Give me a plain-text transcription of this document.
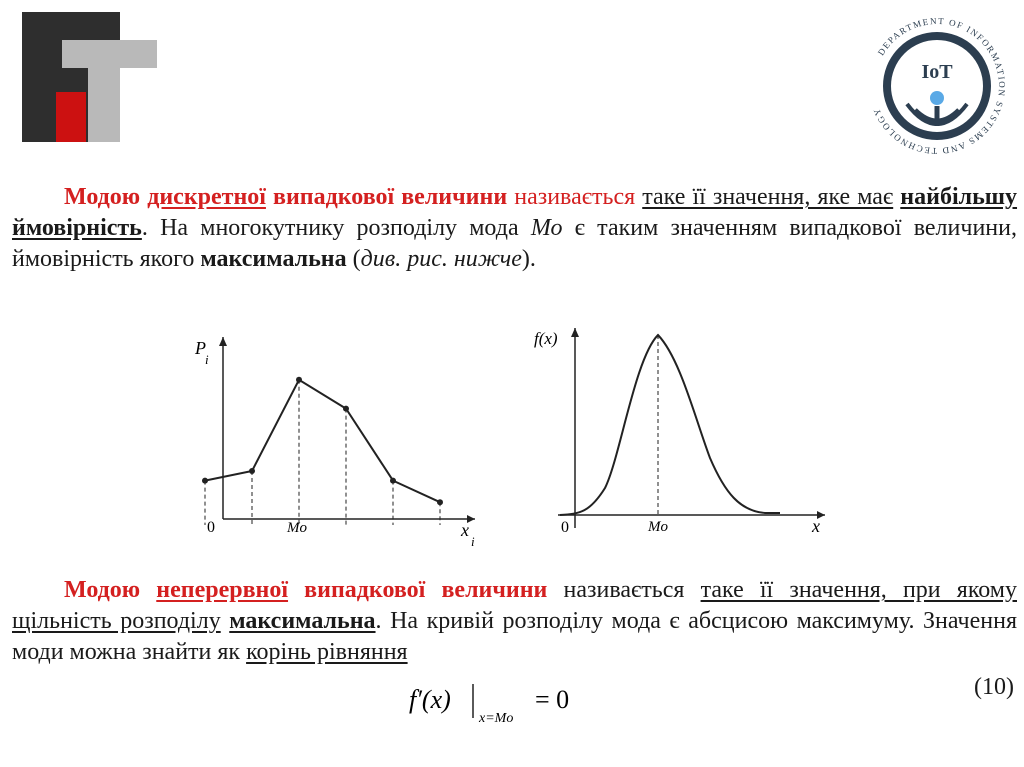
DEPARTMENT OF INFORMATION SYSTEMS AND TECHNOLOGY
IoT
Модою дискретної випадкової величини називається таке її значення, яке має найбільшу ймовірність. На многокутнику розподілу мода Мо є таким значенням випадкової величини, ймовірність якого максимальна (див. рис. нижче).
P
i
x
i
0	Mo
f(x)
x
0	Mo
Модою неперервної випадкової величини називається таке її значення, при якому щільність розподілу максимальна. На кривій розподілу мода є абсцисою максимуму. Значення моди можна знайти як корінь рівняння
f′(x)
x=Mo
= 0	(10)
